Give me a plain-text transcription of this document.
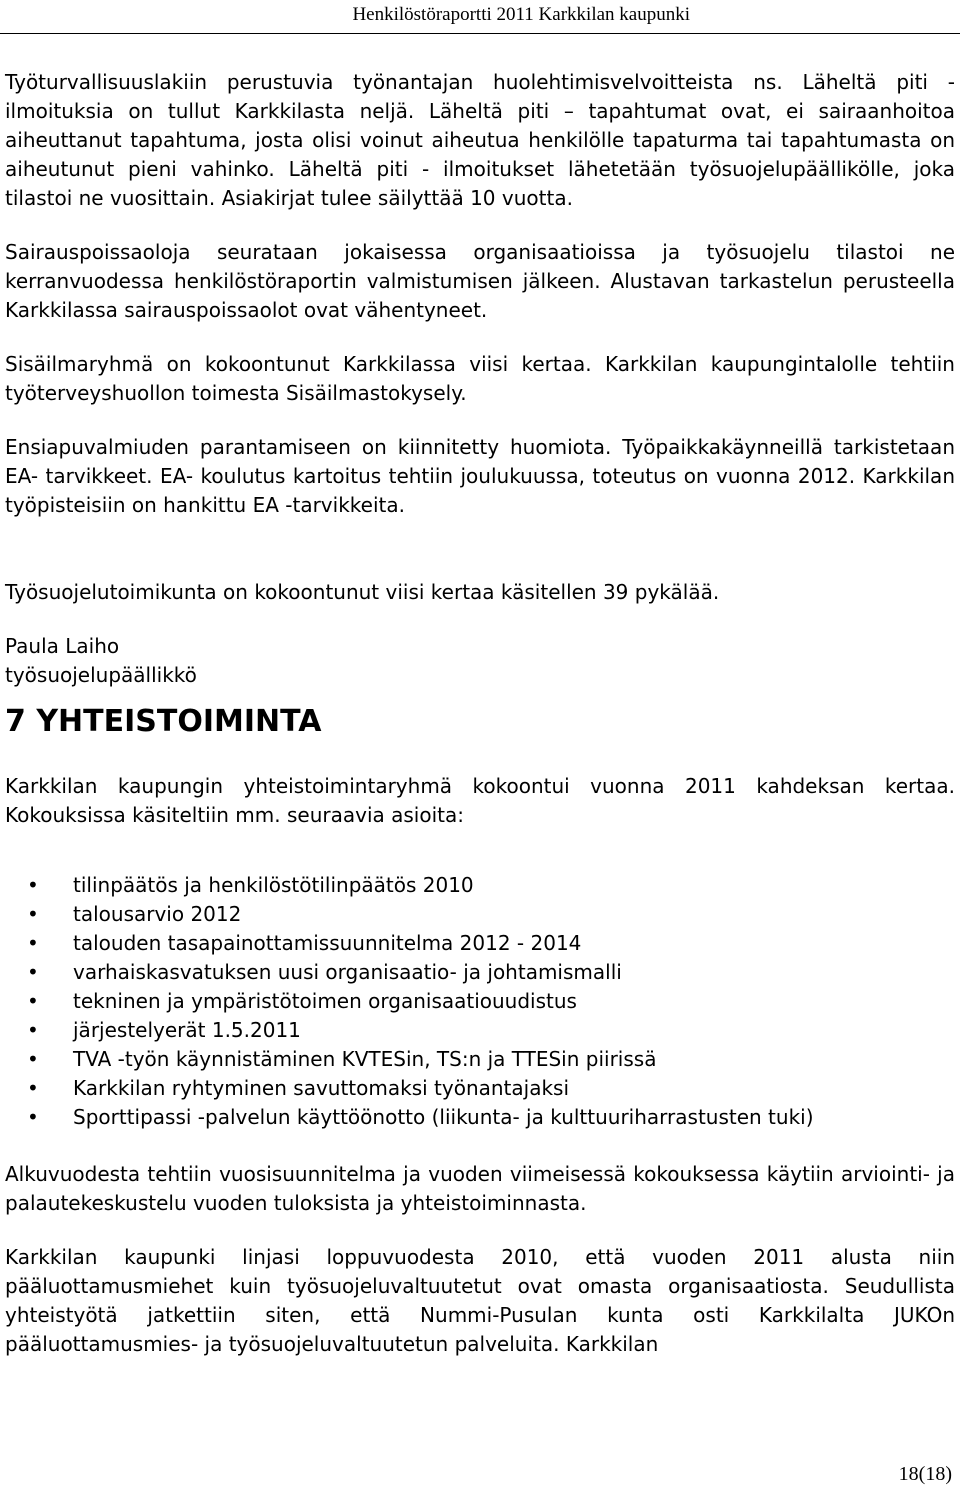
Henkilöstöraportti 2011 Karkkilan kaupunki

Työturvallisuuslakiin perustuvia työnantajan huolehtimisvelvoitteista ns. Läheltä piti - ilmoituksia on tullut Karkkilasta neljä. Läheltä piti – tapahtumat ovat, ei sairaanhoitoa aiheuttanut tapahtuma, josta olisi voinut aiheutua henkilölle tapaturma tai tapahtumasta on aiheutunut pieni vahinko. Läheltä piti - ilmoitukset lähetetään työsuojelupäällikölle, joka tilastoi ne vuosittain. Asiakirjat tulee säilyttää 10 vuotta.

Sairauspoissaoloja seurataan jokaisessa organisaatioissa ja työsuojelu tilastoi ne kerranvuodessa henkilöstöraportin valmistumisen jälkeen. Alustavan tarkastelun perusteella Karkkilassa sairauspoissaolot ovat vähentyneet.

Sisäilmaryhmä on kokoontunut Karkkilassa viisi kertaa. Karkkilan kaupungintalolle tehtiin työterveyshuollon toimesta Sisäilmastokysely.

Ensiapuvalmiuden parantamiseen on kiinnitetty huomiota. Työpaikkakäynneillä tarkistetaan EA- tarvikkeet. EA- koulutus kartoitus tehtiin joulukuussa, toteutus on vuonna 2012. Karkkilan työpisteisiin on hankittu EA -tarvikkeita.

Työsuojelutoimikunta on kokoontunut viisi kertaa käsitellen 39 pykälää.

Paula Laiho

työsuojelupäällikkö

7 YHTEISTOIMINTA

Karkkilan kaupungin yhteistoimintaryhmä kokoontui vuonna 2011 kahdeksan kertaa. Kokouksissa käsiteltiin mm. seuraavia asioita:

• tilinpäätös ja henkilöstötilinpäätös 2010
• talousarvio 2012
• talouden tasapainottamissuunnitelma 2012 - 2014
• varhaiskasvatuksen uusi organisaatio- ja johtamismalli
• tekninen ja ympäristötoimen organisaatiouudistus
• järjestelyerät 1.5.2011
• TVA -työn käynnistäminen KVTESin, TS:n ja TTESin piirissä
• Karkkilan ryhtyminen savuttomaksi työnantajaksi
• Sporttipassi -palvelun käyttöönotto (liikunta- ja kulttuuriharrastusten tuki)

Alkuvuodesta tehtiin vuosisuunnitelma ja vuoden viimeisessä kokouksessa käytiin arviointi- ja palautekeskustelu vuoden tuloksista ja yhteistoiminnasta.

Karkkilan kaupunki linjasi loppuvuodesta 2010, että vuoden 2011 alusta niin pääluottamusmiehet kuin työsuojeluvaltuutetut ovat omasta organisaatiosta. Seudullista yhteistyötä jatkettiin siten, että Nummi-Pusulan kunta osti Karkkilalta JUKOn pääluottamusmies- ja työsuojeluvaltuutetun palveluita. Karkkilan

18(18)
